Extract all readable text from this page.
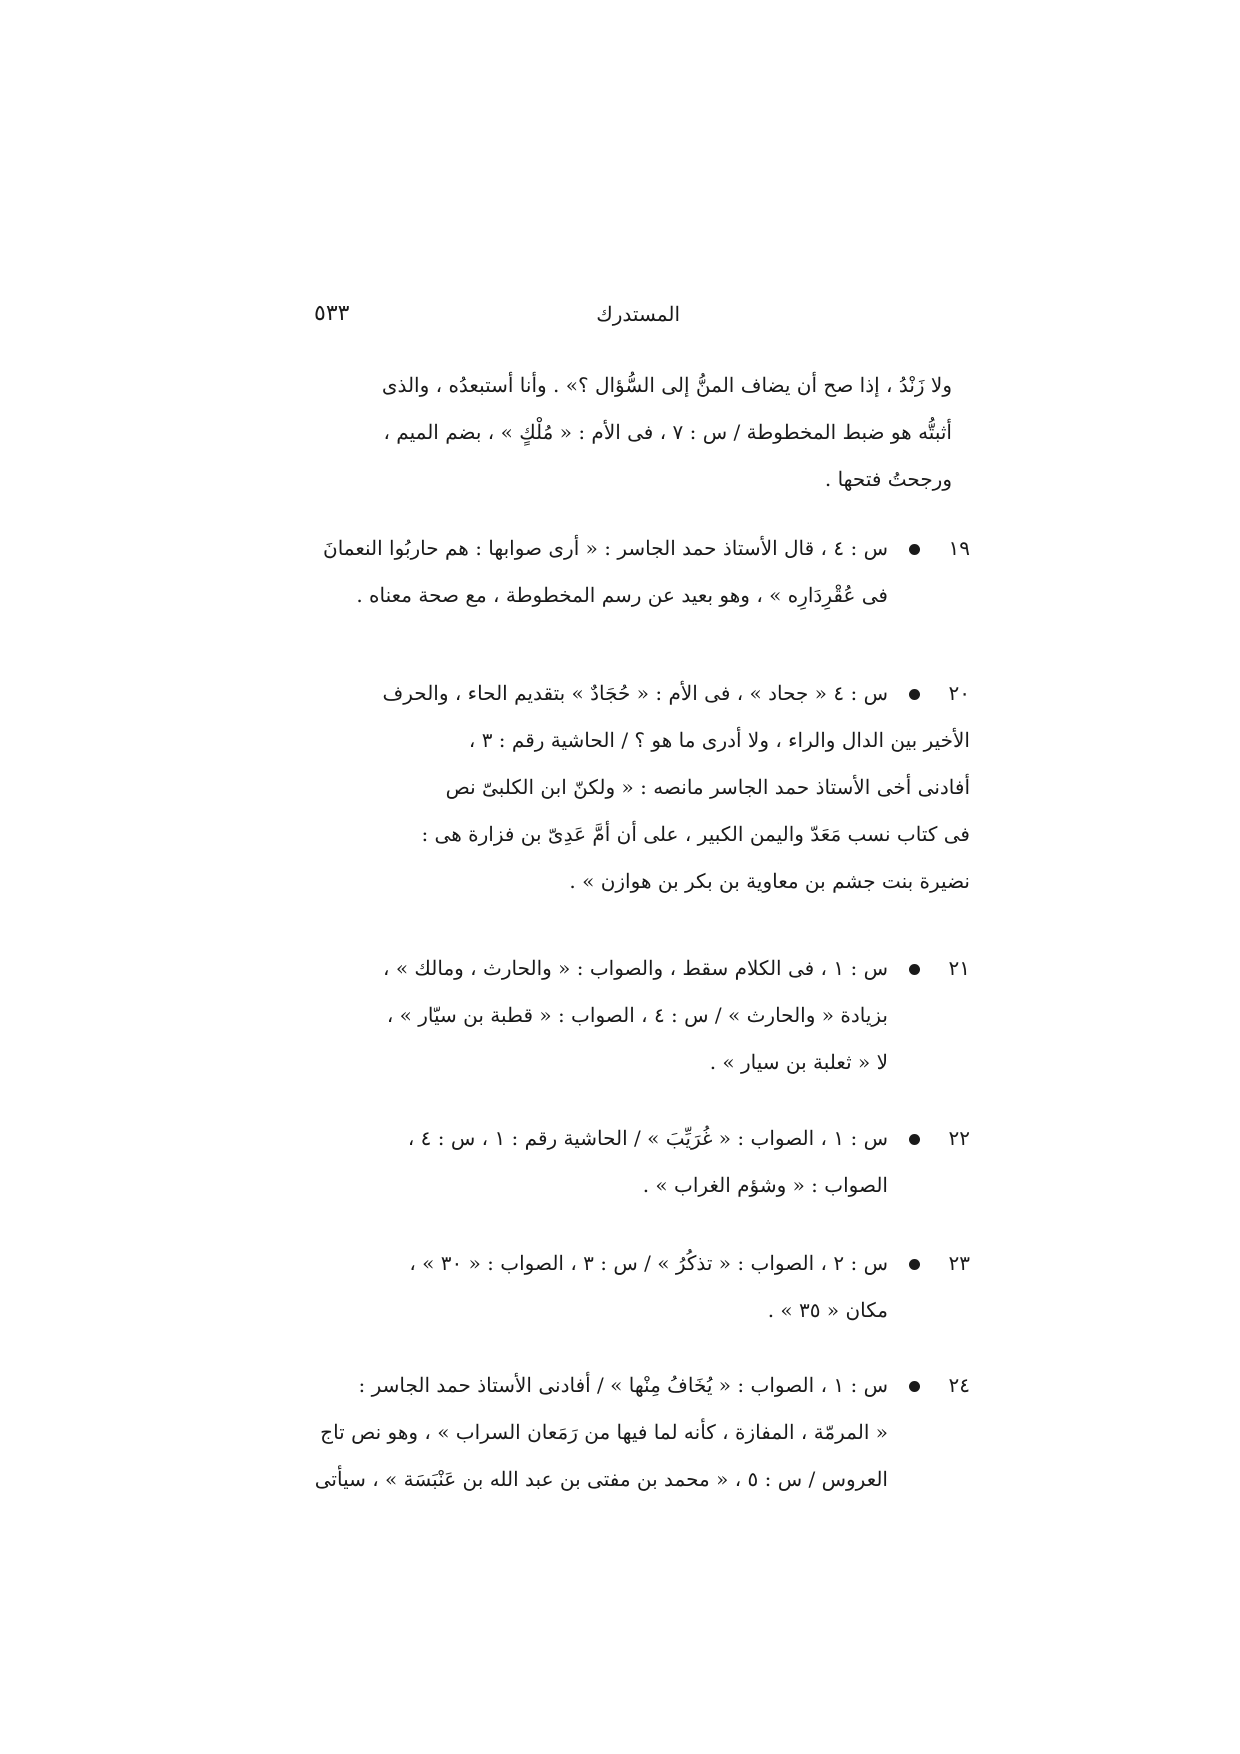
المستدرك
٥٣٣
ولا زَنْدُ ، إذا صح أن يضاف المنُّ إلى السُّؤال ؟» . وأنا أستبعدُه ، والذى
أثبتُّه هو ضبط المخطوطة / س : ٧ ، فى الأم : « مُلْكٍ » ، بضم الميم ،
ورجحتُ فتحها .
١٩
س : ٤ ، قال الأستاذ حمد الجاسر : « أرى صوابها : هم حاربُوا النعمانَ
فى عُقْرِدَارِه » ، وهو بعيد عن رسم المخطوطة ، مع صحة معناه .
٢٠
س : ٤ « جحاد » ، فى الأم : « حُجَادٌ » بتقديم الحاء ، والحرف
الأخير بين الدال والراء ، ولا أدرى ما هو ؟ / الحاشية رقم : ٣ ،
أفادنى أخى الأستاذ حمد الجاسر مانصه : « ولكنّ ابن الكلبىّ نص
فى كتاب نسب مَعَدّ واليمن الكبير ، على أن أمَّ عَدِىّ بن فزارة هى :
نضيرة بنت جشم بن معاوية بن بكر بن هوازن » .
٢١
س : ١ ، فى الكلام سقط ، والصواب : « والحارث ، ومالك » ،
بزيادة « والحارث » / س : ٤ ، الصواب : « قطبة بن سيّار » ،
لا « ثعلبة بن سيار » .
٢٢
س : ١ ، الصواب : « غُرَيِّبَ » / الحاشية رقم : ١ ، س : ٤ ،
الصواب : « وشؤم الغراب » .
٢٣
س : ٢ ، الصواب : « تذكُرُ » / س : ٣ ، الصواب : « ٣٠ » ،
مكان « ٣٥ » .
٢٤
س : ١ ، الصواب : « يُخَافُ مِنْها » / أفادنى الأستاذ حمد الجاسر :
« المرمّة ، المفازة ، كأنه لما فيها من رَمَعان السراب » ، وهو نص تاج
العروس / س : ٥ ، « محمد بن مفتى بن عبد الله بن عَنْبَسَة » ، سيأتى
